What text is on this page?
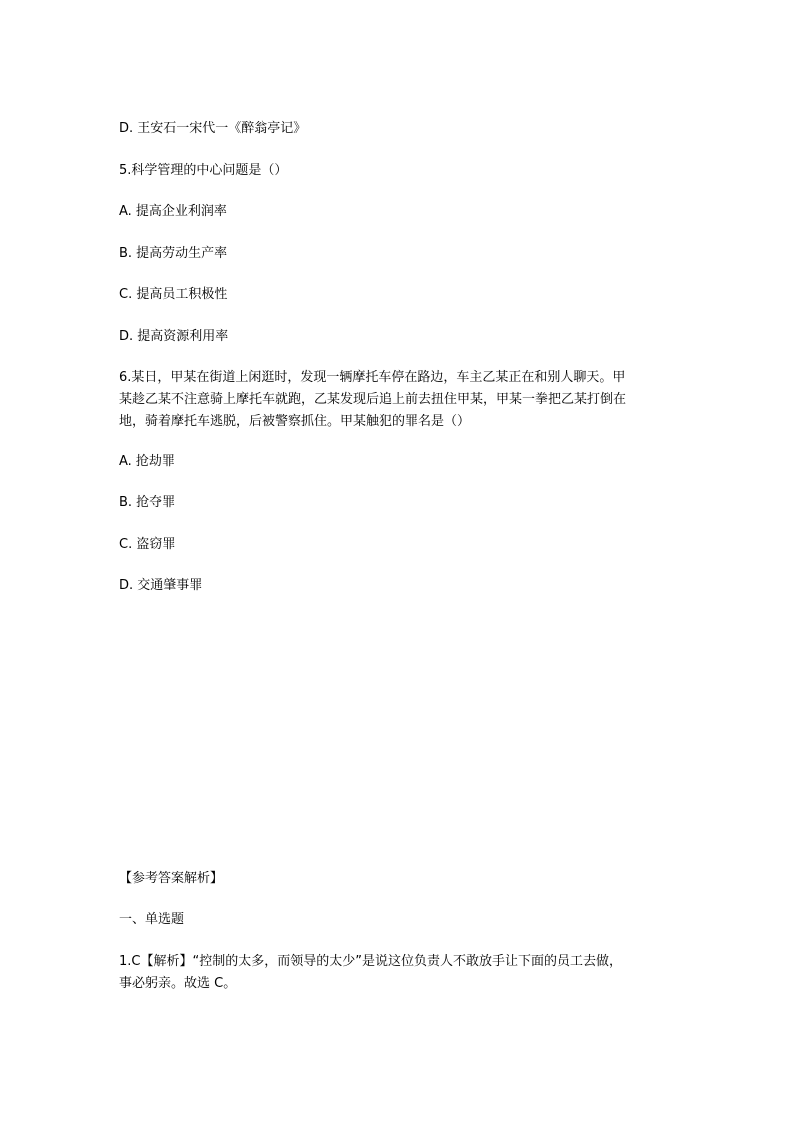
D. 王安石一宋代一《醉翁亭记》

5.科学管理的中心问题是（）

A. 提高企业利润率

B. 提高劳动生产率

C. 提高员工积极性

D. 提高资源利用率

6.某日，甲某在街道上闲逛时，发现一辆摩托车停在路边，车主乙某正在和别人聊天。甲
某趁乙某不注意骑上摩托车就跑，乙某发现后追上前去扭住甲某，甲某一拳把乙某打倒在
地，骑着摩托车逃脱，后被警察抓住。甲某触犯的罪名是（）

A. 抢劫罪

B. 抢夺罪

C. 盗窃罪

D. 交通肇事罪

【参考答案解析】

一、单选题

1.C【解析】“控制的太多，而领导的太少”是说这位负责人不敢放手让下面的员工去做，
事必躬亲。故选 C。
